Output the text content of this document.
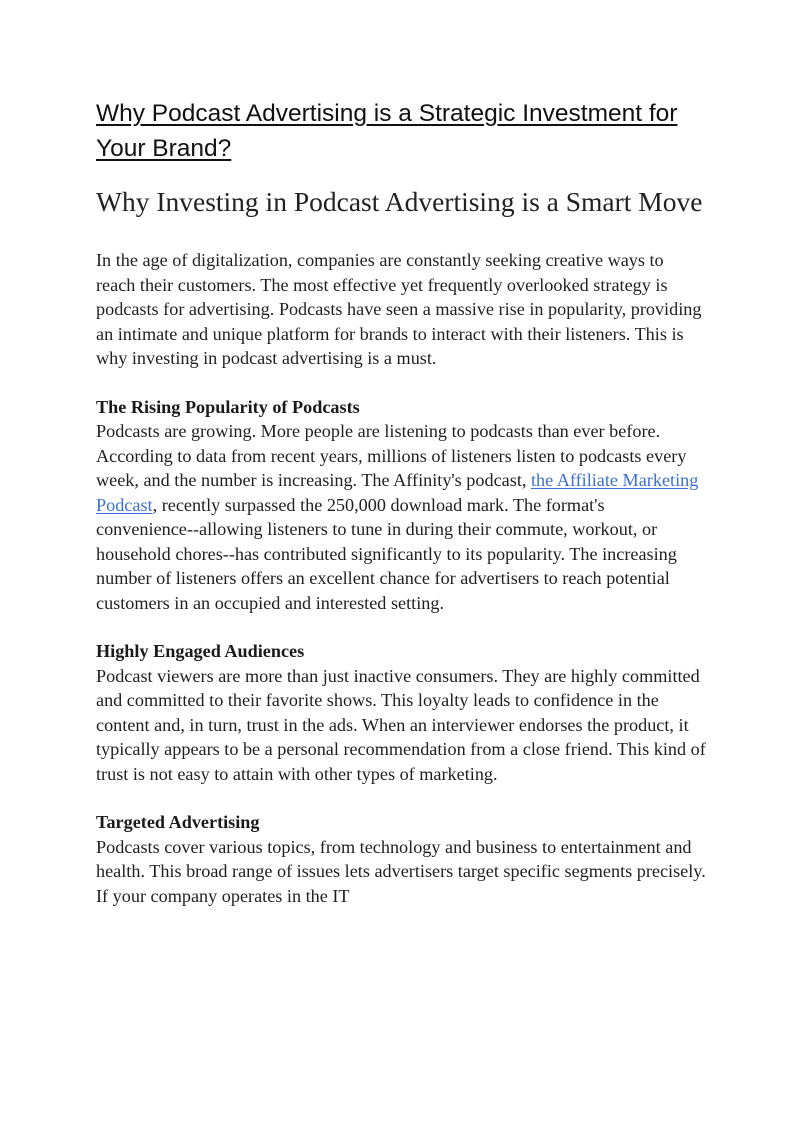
Why Podcast Advertising is a Strategic Investment for Your Brand?
Why Investing in Podcast Advertising is a Smart Move

In the age of digitalization, companies are constantly seeking creative ways to reach their customers. The most effective yet frequently overlooked strategy is podcasts for advertising. Podcasts have seen a massive rise in popularity, providing an intimate and unique platform for brands to interact with their listeners. This is why investing in podcast advertising is a must.

The Rising Popularity of Podcasts

Podcasts are growing. More people are listening to podcasts than ever before. According to data from recent years, millions of listeners listen to podcasts every week, and the number is increasing. The Affinity's podcast, the Affiliate Marketing Podcast, recently surpassed the 250,000 download mark. The format's convenience--allowing listeners to tune in during their commute, workout, or household chores--has contributed significantly to its popularity. The increasing number of listeners offers an excellent chance for advertisers to reach potential customers in an occupied and interested setting.

Highly Engaged Audiences

Podcast viewers are more than just inactive consumers. They are highly committed and committed to their favorite shows. This loyalty leads to confidence in the content and, in turn, trust in the ads. When an interviewer endorses the product, it typically appears to be a personal recommendation from a close friend. This kind of trust is not easy to attain with other types of marketing.

Targeted Advertising

Podcasts cover various topics, from technology and business to entertainment and health. This broad range of issues lets advertisers target specific segments precisely. If your company operates in the IT
